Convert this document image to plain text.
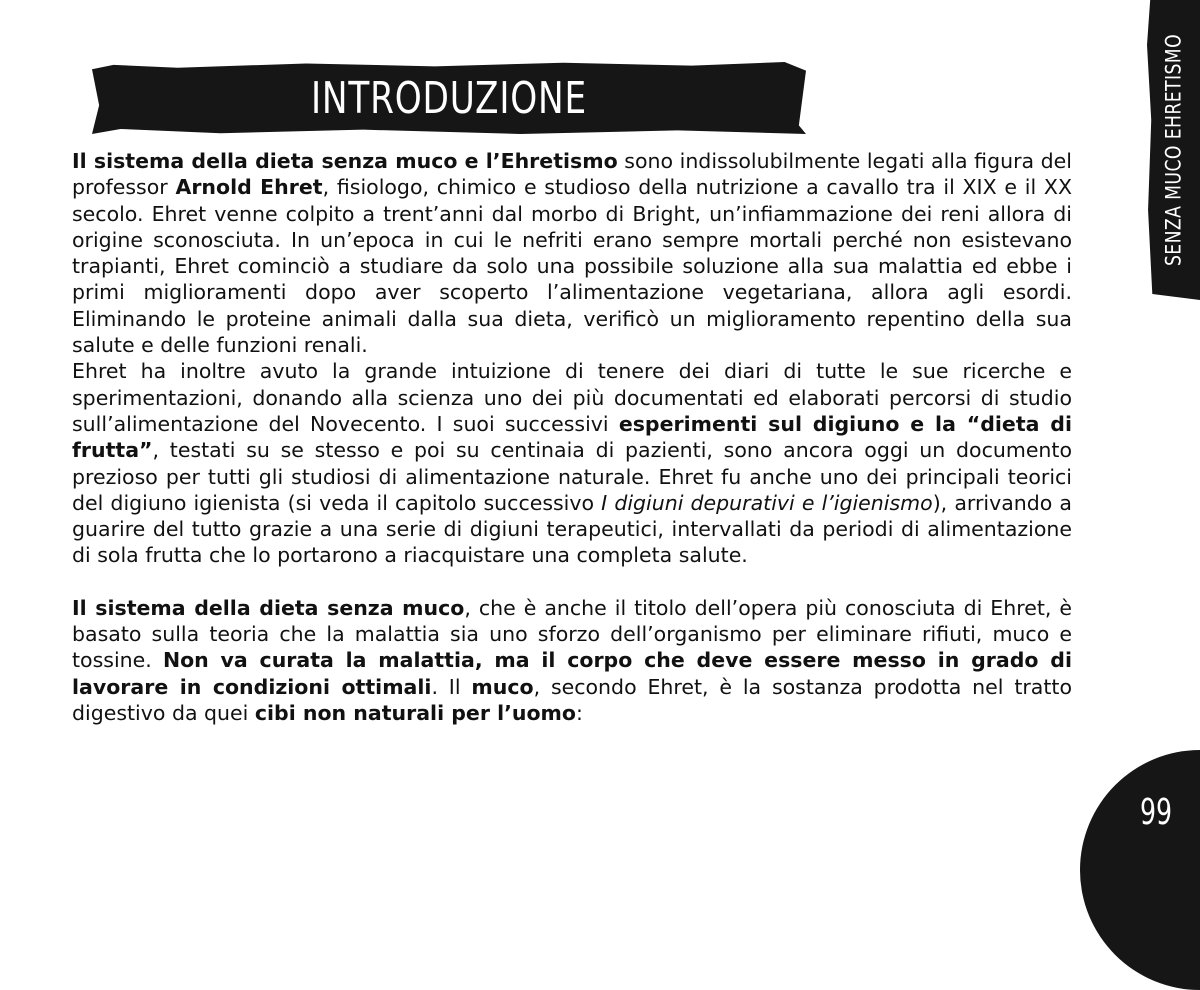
INTRODUZIONE	SENZA MUCO EHRETISMO
99

Il sistema della dieta senza muco e l’Ehretismo sono indissolubilmente legati alla figura del professor Arnold Ehret, fisiologo, chimico e studioso della nutrizione a cavallo tra il XIX e il XX secolo. Ehret venne colpito a trent’anni dal morbo di Bright, un’infiammazione dei reni allora di origine sconosciuta. In un’epoca in cui le nefriti erano sempre mortali perché non esistevano trapianti, Ehret cominciò a studiare da solo una possibile soluzione alla sua malattia ed ebbe i primi miglioramenti dopo aver scoperto l’alimentazione vegetariana, allora agli esordi. Eliminando le proteine animali dalla sua dieta, verificò un miglioramento repentino della sua salute e delle funzioni renali.

Ehret ha inoltre avuto la grande intuizione di tenere dei diari di tutte le sue ricerche e sperimentazioni, donando alla scienza uno dei più documentati ed elaborati percorsi di studio sull’alimentazione del Novecento. I suoi successivi esperimenti sul digiuno e la “dieta di frutta”, testati su se stesso e poi su centinaia di pazienti, sono ancora oggi un documento prezioso per tutti gli studiosi di alimentazione naturale. Ehret fu anche uno dei principali teorici del digiuno igienista (si veda il capitolo successivo I digiuni depurativi e l’igienismo), arrivando a guarire del tutto grazie a una serie di digiuni terapeutici, intervallati da periodi di alimentazione di sola frutta che lo portarono a riacquistare una completa salute.

Il sistema della dieta senza muco, che è anche il titolo dell’opera più conosciuta di Ehret, è basato sulla teoria che la malattia sia uno sforzo dell’organismo per eliminare rifiuti, muco e tossine. Non va curata la malattia, ma il corpo che deve essere messo in grado di lavorare in condizioni ottimali. Il muco, secondo Ehret, è la sostanza prodotta nel tratto digestivo da quei cibi non naturali per l’uomo:
